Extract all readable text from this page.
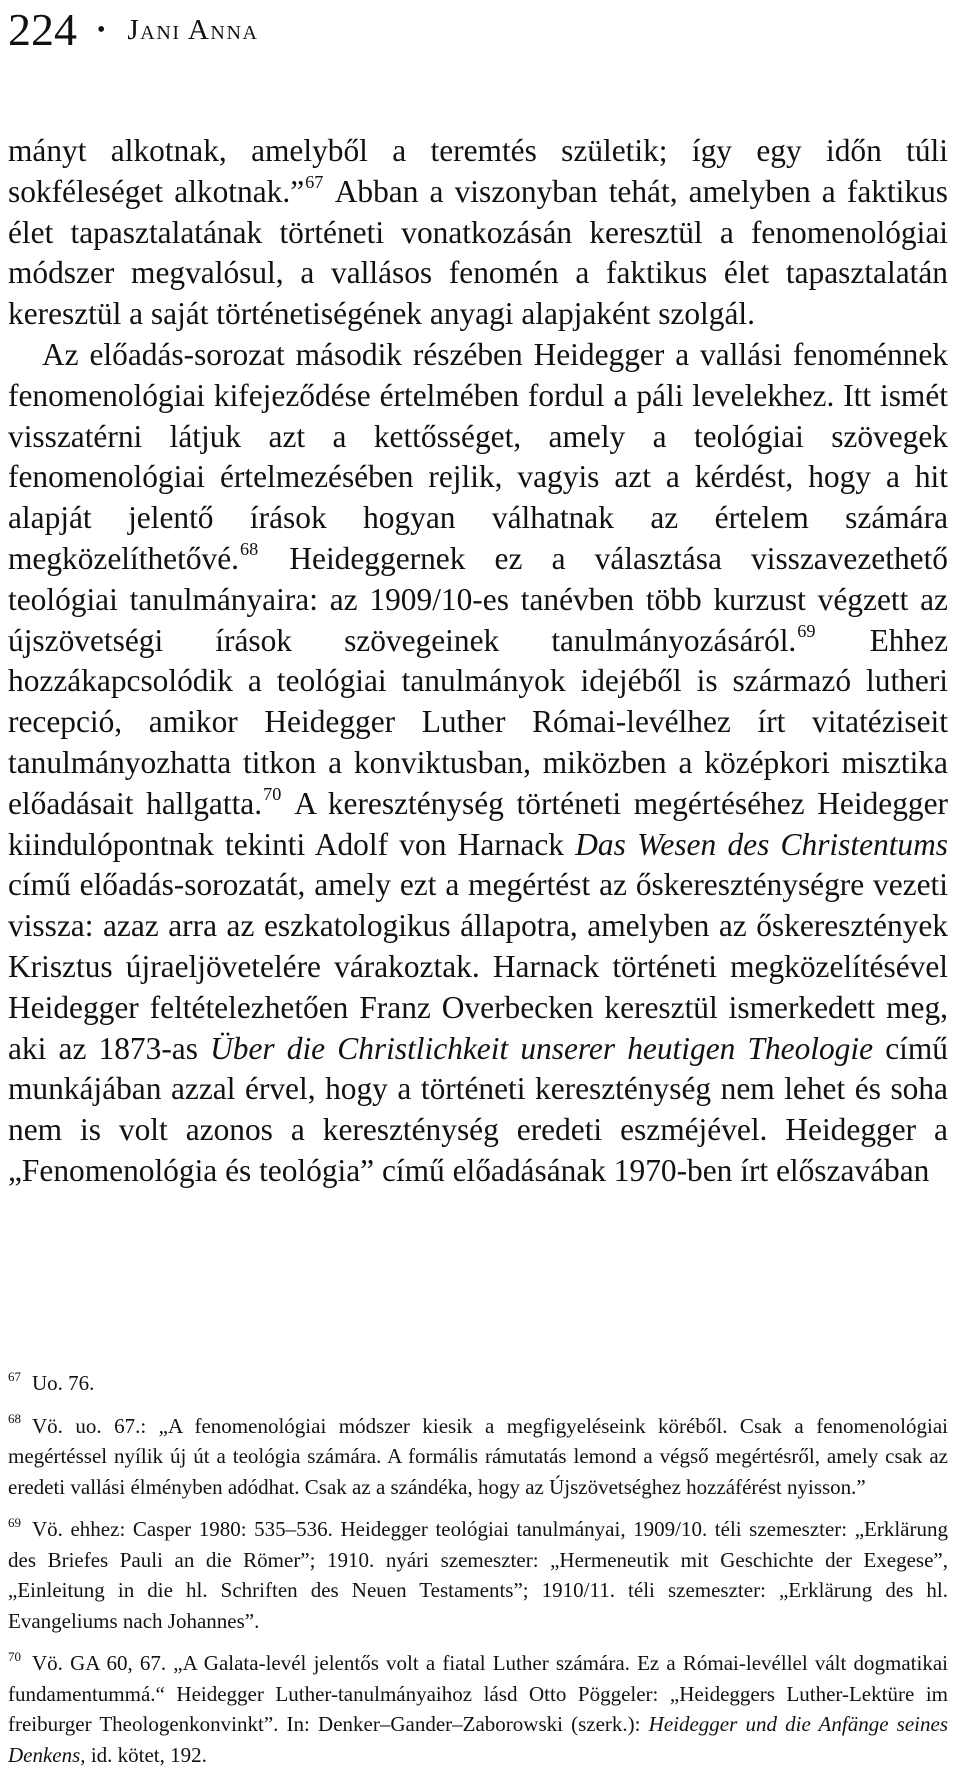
224 • Jani Anna

mányt alkotnak, amelyből a teremtés születik; így egy időn túli sokféleséget alkotnak.”$^{67}$ Abban a viszonyban tehát, amelyben a faktikus élet tapasztalatának történeti vonatkozásán keresztül a fenomenológiai módszer megvalósul, a vallásos fenomén a faktikus élet tapasztalatán keresztül a saját történetiségének anyagi alapjaként szolgál.

Az előadás-sorozat második részében Heidegger a vallási fenoménnek fenomenológiai kifejeződése értelmében fordul a páli levelekhez. Itt ismét visszatérni látjuk azt a kettősséget, amely a teológiai szövegek fenomenológiai értelmezésében rejlik, vagyis azt a kérdést, hogy a hit alapját jelentő írások hogyan válhatnak az értelem számára megközelíthetővé.$^{68}$ Heideggernek ez a választása visszavezethető teológiai tanulmányaira: az 1909/10-es tanévben több kurzust végzett az újszövetségi írások szövegeinek tanulmányozásáról.$^{69}$ Ehhez hozzákapcsolódik a teológiai tanulmányok idejéből is származó lutheri recepció, amikor Heidegger Luther Római-levélhez írt vitatéziseit tanulmányozhatta titkon a konviktusban, miközben a középkori misztika előadásait hallgatta.$^{70}$ A kereszténység történeti megértéséhez Heidegger kiindulópontnak tekinti Adolf von Harnack Das Wesen des Christentums című előadás-sorozatát, amely ezt a megértést az őskereszténységre vezeti vissza: azaz arra az eszkatologikus állapotra, amelyben az őskeresztények Krisztus újraeljövetelére várakoztak. Harnack történeti megközelítésével Heidegger feltételezhetően Franz Overbecken keresztül ismerkedett meg, aki az 1873-as Über die Christlichkeit unserer heutigen Theologie című munkájában azzal érvel, hogy a történeti kereszténység nem lehet és soha nem is volt azonos a kereszténység eredeti eszméjével. Heidegger a „Fenomenológia és teológia” című előadásának 1970-ben írt előszavában

67 Uo. 76.
68 Vö. uo. 67.: „A fenomenológiai módszer kiesik a megfigyeléseink köréből. Csak a fenomenológiai megértéssel nyílik új út a teológia számára. A formális rámutatás lemond a végső megértésről, amely csak az eredeti vallási élményben adódhat. Csak az a szándéka, hogy az Újszövetséghez hozzáférést nyisson.”
69 Vö. ehhez: Casper 1980: 535–536. Heidegger teológiai tanulmányai, 1909/10. téli szemeszter: „Erklärung des Briefes Pauli an die Römer”; 1910. nyári szemeszter: „Hermeneutik mit Geschichte der Exegese”, „Einleitung in die hl. Schriften des Neuen Testaments”; 1910/11. téli szemeszter: „Erklärung des hl. Evangeliums nach Johannes”.
70 Vö. GA 60, 67. „A Galata-levél jelentős volt a fiatal Luther számára. Ez a Római-levéllel vált dogmatikai fundamentummá.“ Heidegger Luther-tanulmányaihoz lásd Otto Pöggeler: „Heideggers Luther-Lektüre im freiburger Theologenkonvinkt”. In: Denker–Gander–Zaborowski (szerk.): Heidegger und die Anfänge seines Denkens, id. kötet, 192.
